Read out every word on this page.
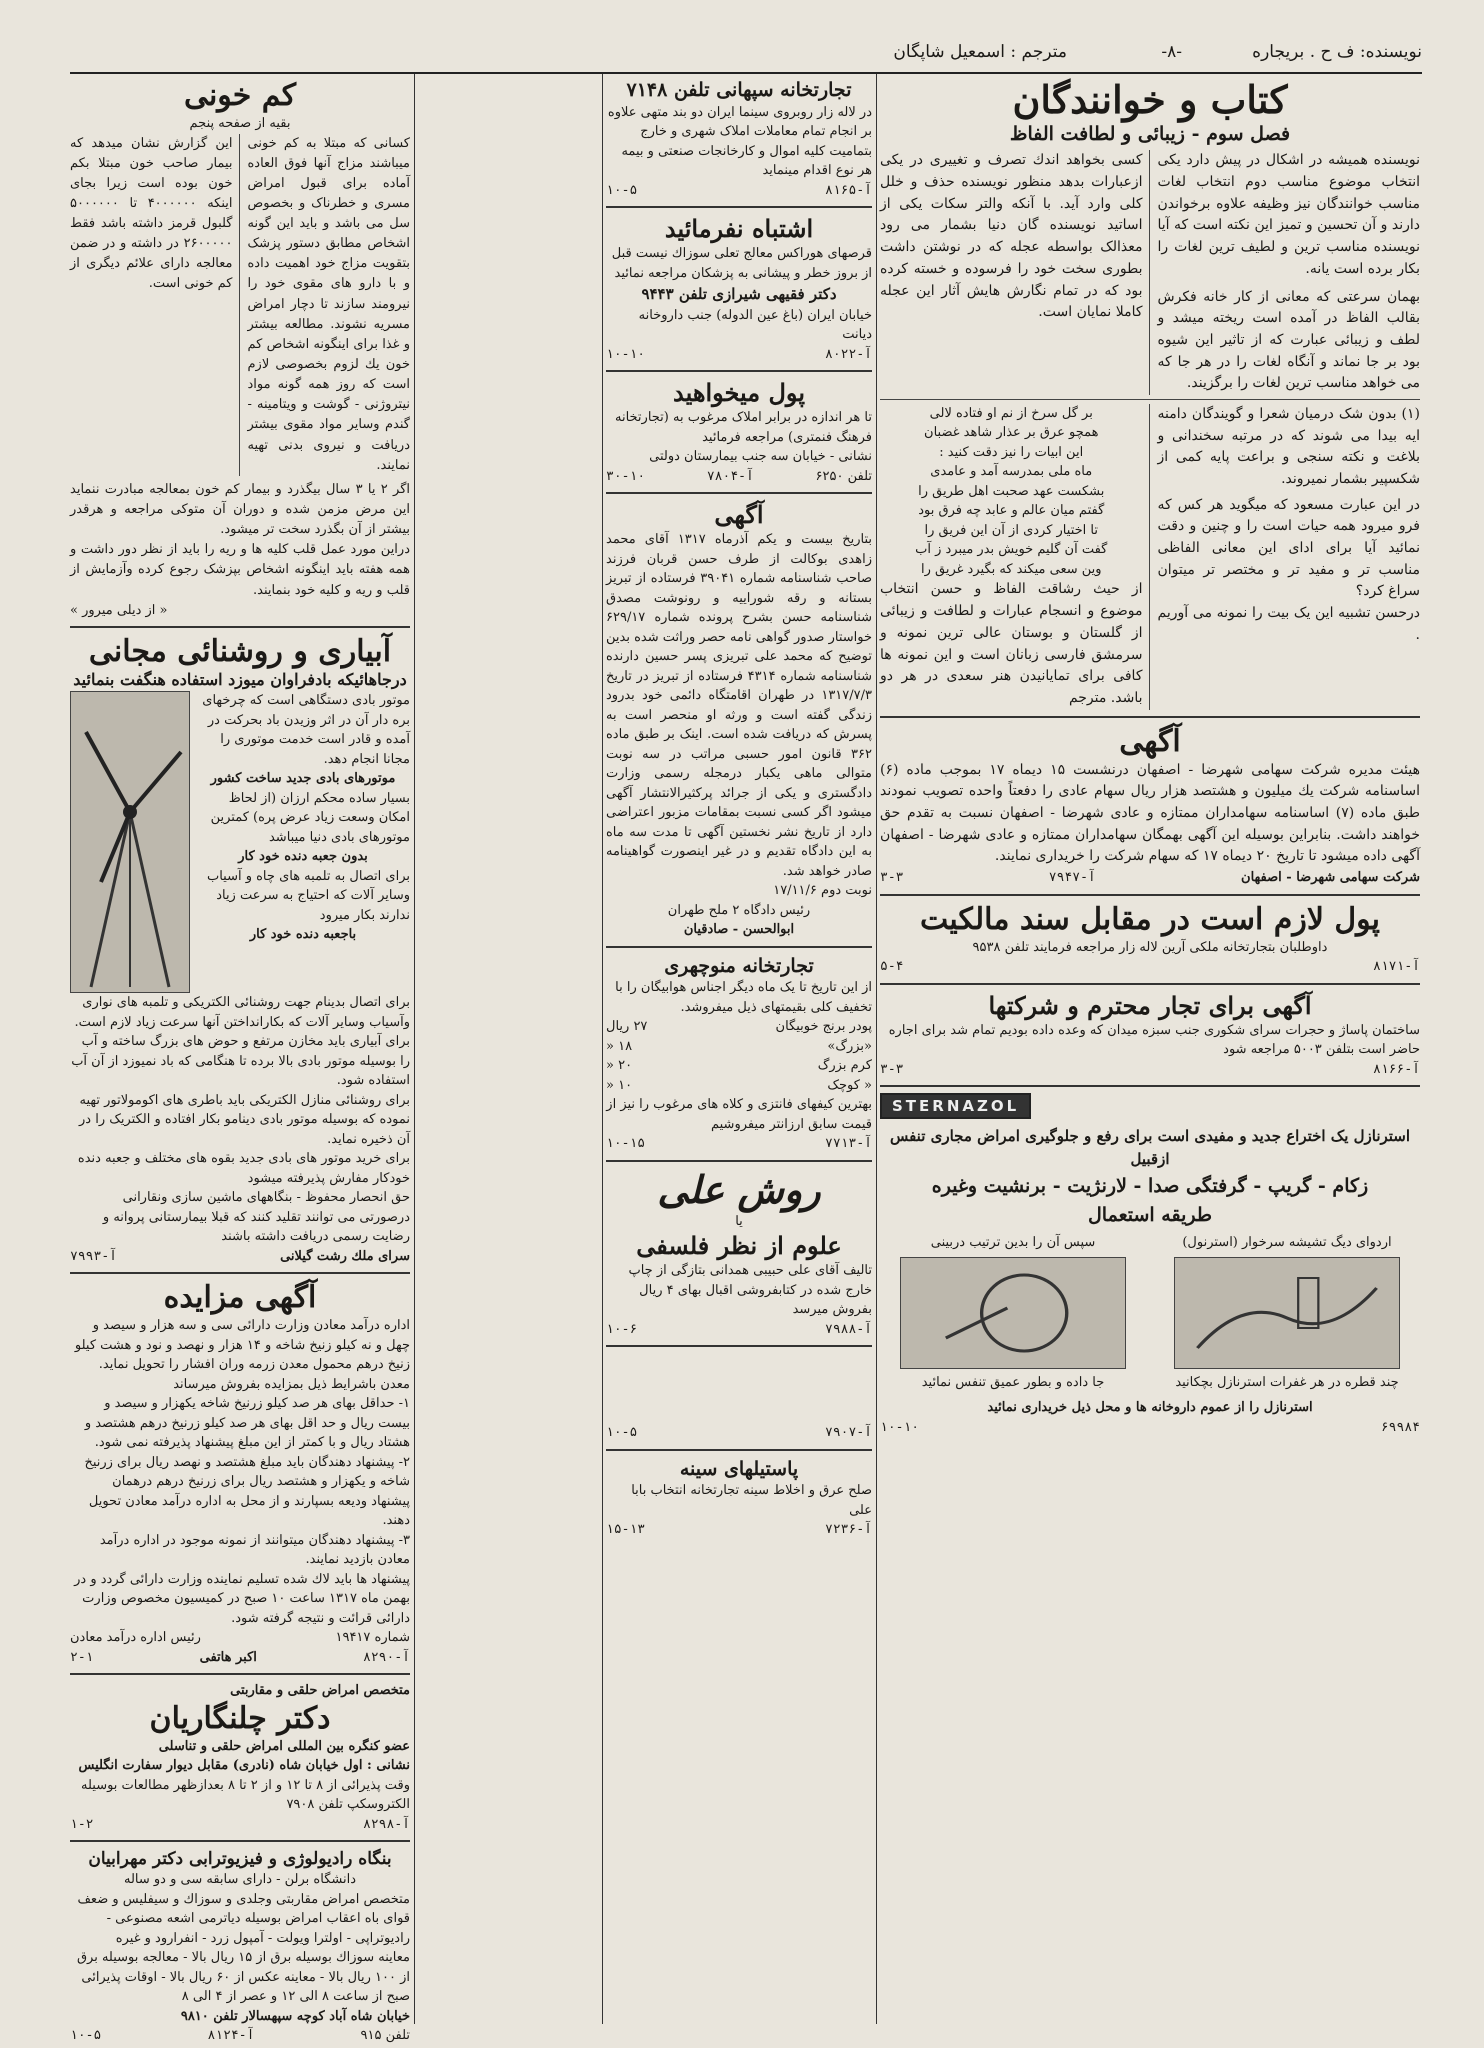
نویسنده: ف ح . بریجاره
-۸-
مترجم : اسمعیل شاپگان
کتاب و خوانندگان
فصل سوم - زیبائی و لطافت الفاظ
نویسنده همیشه در اشکال در پیش دارد یکی انتخاب موضوع مناسب دوم انتخاب لغات مناسب خوانندگان نیز وظیفه علاوه برخواندن دارند و آن تحسین و تمیز این نکته است که آیا نویسنده مناسب ترین و لطیف ترین لغات را بکار برده است یانه.
بهمان سرعتی که معانی از کار خانه فکرش بقالب الفاظ در آمده است ریخته میشد و لطف و زیبائی عبارت که از تاثیر این شیوه بود بر جا نماند و آنگاه لغات را در هر جا که می خواهد مناسب ترین لغات را برگزیند.
کسی بخواهد اندك تصرف و تغییری در یکی ازعبارات بدهد منظور نویسنده حذف و خلل کلی وارد آید. با آنکه والتر سکات یکی از اساتید نویسنده گان دنیا بشمار می رود معذالک بواسطه عجله که در نوشتن داشت بطوری سخت خود را فرسوده و خسته کرده بود که در تمام نگارش هایش آثار این عجله کاملا نمایان است.
(۱) بدون شک درمیان شعرا و گویندگان دامنه ایه بیدا می شوند که در مرتبه سخندانی و بلاغت و نکته سنجی و براعت پایه کمی از شکسپیر بشمار نمیروند.
در این عبارت مسعود که میگوید هر کس که فرو میرود همه حیات است را و چنین و دقت نمائید آیا برای ادای این معانی الفاظی مناسب تر و مفید تر و مختصر تر میتوان سراغ کرد؟
درحسن تشبیه این یک بیت را نمونه می آوریم .
بر گل سرخ از نم او فتاده لالی
همچو عرق بر عذار شاهد غضبان
این ابیات را نیز دقت کنید :
ماه ملی بمدرسه آمد و عامدی
بشکست عهد صحبت اهل طریق را
گفتم میان عالم و عابد چه فرق بود
تا اختیار کردی از آن این فریق را
گفت آن گلیم خویش بدر میبرد ز آب
وین سعی میکند که بگیرد غریق را
از حیث رشاقت الفاظ و حسن انتخاب موضوع و انسجام عبارات و لطافت و زیبائی از گلستان و بوستان عالی ترین نمونه و سرمشق فارسی زبانان است و این نمونه ها کافی برای تمایانیدن هنر سعدی در هر دو باشد. مترجم
آگهی
هیئت مدیره شرکت سهامی شهرضا - اصفهان درنشست ۱۵ دیماه ۱۷ بموجب ماده (۶) اساسنامه شرکت یك میلیون و هشتصد هزار ریال سهام عادی را دفعتاً واحده تصویب نمودند طبق ماده (۷) اساسنامه سهامداران ممتازه و عادی شهرضا - اصفهان نسبت به تقدم حق خواهند داشت. بنابراین بوسیله این آگهی بهمگان سهامداران ممتازه و عادی شهرضا - اصفهان آگهی داده میشود تا تاریخ ۲۰ دیماه ۱۷ که سهام شرکت را خریداری نمایند.
شرکت سهامی شهرضا - اصفهان
آ-۷۹۴۷
۳-۳
پول لازم است در مقابل سند مالکیت
داوطلبان بتجارتخانه ملکی آرین لاله زار مراجعه فرمایند تلفن ۹۵۳۸
آ-۸۱۷۱
۵-۴
آگهی برای تجار محترم و شرکتها
ساختمان پاساژ و حجرات سرای شکوری جنب سبزه میدان که وعده داده بودیم تمام شد برای اجاره حاضر است بتلفن ۵۰۰۳ مراجعه شود
آ-۸۱۶۶
۳-۳
STERNAZOL
استرنازل یک اختراع جدید و مفیدی است برای رفع و جلوگیری امراض مجاری تنفس ازقبیل
زکام - گریپ - گرفتگی صدا - لارنژیت - برنشیت وغیره
طریقه استعمال
اردوای دیگ تشیشه سرخوار (استرنول)
چند قطره در هر غفرات استرنازل بچکانید
سپس آن را بدین ترتیب دربینی
جا داده و بطور عمیق تنفس نمائید
استرنازل را از عموم داروخانه ها و محل ذیل خریداری نمائید
۶۹۹۸۴
۱۰-۱۰
تجارتخانه سپهانی تلفن ۷۱۴۸
در لاله زار روبروی سینما ایران دو بند متهی علاوه بر انجام تمام معاملات املاک شهری و خارج بتمامیت کلیه اموال و کارخانجات صنعتی و بیمه هر نوع اقدام مینماید
آ-۸۱۶۵
۱۰-۵
اشتباه نفرمائید
قرصهای هوراکس معالج تعلی سوزاك نیست قبل از بروز خطر و پیشانی به پزشکان مراجعه نمائید
دکتر فقیهی شیرازی تلفن ۹۴۴۳
خیابان ایران (باغ عین الدوله) جنب داروخانه دیانت
آ-۸۰۲۲
۱۰-۱۰
پول میخواهید
تا هر اندازه در برابر املاک مرغوب به (تجارتخانه فرهنگ فنمتری) مراجعه فرمائید
نشانی - خیابان سه جنب بیمارستان دولتی
تلفن ۶۲۵۰
آ-۷۸۰۴
۳۰-۱۰
آگهی
بتاریخ بیست و یکم آذرماه ۱۳۱۷ آقای محمد زاهدی بوکالت از طرف حسن قربان فرزند صاحب شناسنامه شماره ۳۹۰۴۱ فرستاده از تبریز بستانه و رقه شوراییه و رونوشت مصدق شناسنامه حسن بشرح پرونده شماره ۶۲۹/۱۷ خواستار صدور گواهی نامه حصر وراثت شده بدین توضیح که محمد علی تبریزی پسر حسین دارنده شناسنامه شماره ۴۳۱۴ فرستاده از تبریز در تاریخ ۱۳۱۷/۷/۳ در طهران اقامتگاه دائمی خود بدرود زندگی گفته است و ورثه او منحصر است به پسرش که دریافت شده است. اینک بر طبق ماده ۳۶۲ قانون امور حسبی مراتب در سه نوبت متوالی ماهی یکبار درمجله رسمی وزارت دادگستری و یکی از جرائد پرکثیرالانتشار آگهی میشود اگر کسی نسبت بمقامات مزبور اعتراضی دارد از تاریخ نشر نخستین آگهی تا مدت سه ماه به این دادگاه تقدیم و در غیر اینصورت گواهینامه صادر خواهد شد.
نوبت دوم ۱۷/۱۱/۶
رئیس دادگاه ۲ ملح طهران
ابوالحسن - صادقیان
تجارتخانه منوچهری
از این تاریخ تا یک ماه دیگر اجناس هوابیگان را با تخفیف کلی بقیمتهای ذیل میفروشد.
پودر برنج خوبیگان
۲۷ ریال
«بزرگ»
۱۸ «
کرم بزرگ
۲۰ «
« کوچک
۱۰ «
بهترین کیفهای فانتزی و کلاه های مرغوب را نیز از قیمت سابق ارزانتر میفروشیم
آ-۷۷۱۳
۱۰-۱۵
روش علی
یا
علوم از نظر فلسفی
تالیف آقای علی حبیبی همدانی بتازگی از چاپ خارج شده در کتابفروشی اقبال بهای ۴ ریال بفروش میرسد
آ-۷۹۸۸
۱۰-۶
آ-۷۹۰۷
۱۰-۵
پاستیلهای سینه
صلح عرق و اخلاط سینه تجارتخانه انتخاب بابا علی
آ-۷۲۳۶
۱۵-۱۳
کم خونی
بقیه از صفحه پنجم
کسانی که مبتلا به کم خونی میباشند مزاج آنها فوق العاده آماده برای قبول امراض مسری و خطرناک و بخصوص سل می باشد و باید این گونه اشخاص مطابق دستور پزشک بتقویت مزاج خود اهمیت داده و با دارو های مقوی خود را نیرومند سازند تا دچار امراض مسریه نشوند. مطالعه بیشتر و غذا برای اینگونه اشخاص کم خون یك لزوم بخصوصی لازم است که روز همه گونه مواد نیتروژنی - گوشت و ویتامینه - گندم وسایر مواد مقوی بیشتر دریافت و نیروی بدنی تهیه نمایند.
این گزارش نشان میدهد که بیمار صاحب خون مبتلا بکم خون بوده است زیرا بجای اینکه ۴۰۰۰۰۰۰ تا ۵۰۰۰۰۰۰ گلبول قرمز داشته باشد فقط ۲۶۰۰۰۰۰ در داشته و در ضمن معالجه دارای علائم دیگری از کم خونی است.
اگر ۲ یا ۳ سال بیگذرد و بیمار کم خون بمعالجه مبادرت ننماید این مرض مزمن شده و دوران آن متوکی مراجعه و هرقدر بیشتر از آن بگذرد سخت تر میشود.
دراین مورد عمل قلب کلیه ها و ریه را باید از نظر دور داشت و همه هفته باید اینگونه اشخاص بپزشک رجوع کرده وآزمایش از قلب و ریه و کلیه خود بنمایند.
« از دیلی میرور »
آبیاری و روشنائی مجانی
درجاهائیکه بادفراوان میوزد استفاده هنگفت بنمائید
موتور بادی دستگاهی است که چرخهای بره دار آن در اثر وزیدن باد بحرکت در آمده و قادر است خدمت موتوری را مجانا انجام دهد.
موتورهای بادی جدید ساخت کشور
بسیار ساده محکم ارزان (از لحاظ امکان وسعت زیاد عرض پره) کمترین موتورهای بادی دنیا میباشد
بدون جعبه دنده خود کار
برای اتصال به تلمبه های چاه و آسیاب وسایر آلات که احتیاج به سرعت زیاد ندارند بکار میرود
باجعبه دنده خود کار
برای اتصال بدینام جهت روشنائی الکتریکی و تلمبه های نواری وآسیاب وسایر آلات که بکارانداختن آنها سرعت زیاد لازم است.
برای آبیاری باید مخازن مرتفع و حوض های بزرگ ساخته و آب را بوسیله موتور بادی بالا برده تا هنگامی که باد نمیوزد از آن آب استفاده شود.
برای روشنائی منازل الکتریکی باید باطری های اکومولاتور تهیه نموده که بوسیله موتور بادی دینامو بکار افتاده و الکتریک را در آن ذخیره نماید.
برای خرید موتور های بادی جدید بقوه های مختلف و جعبه دنده خودکار مفارش پذیرفته میشود
حق انحصار محفوظ - بنگاههای ماشین سازی ونقارانی درصورتی می توانند تقلید کنند که قبلا بیمارستانی پروانه و رضایت رسمی دریافت داشته باشند
سرای ملك رشت گیلانی
آ-۷۹۹۳
آگهی مزایده
اداره درآمد معادن وزارت دارائی سی و سه هزار و سیصد و چهل و نه کیلو زنیخ شاخه و ۱۴ هزار و نهصد و نود و هشت کیلو زنیخ درهم محمول معدن زرمه وران افشار را تحویل نماید. معدن باشرایط ذیل بمزایده بفروش میرساند
۱- حداقل بهای هر صد کیلو زرنیخ شاخه یکهزار و سیصد و بیست ریال و حد اقل بهای هر صد کیلو زرنیخ درهم هشتصد و هشتاد ریال و با کمتر از این مبلغ پیشنهاد پذیرفته نمی شود.
۲- پیشنهاد دهندگان باید مبلغ هشتصد و نهصد ریال برای زرنیخ شاخه و یکهزار و هشتصد ریال برای زرنیخ درهم درهمان پیشنهاد ودیعه بسپارند و از محل به اداره درآمد معادن تحویل دهند.
۳- پیشنهاد دهندگان میتوانند از نمونه موجود در اداره درآمد معادن بازدید نمایند.
پیشنهاد ها باید لاك شده تسلیم نماینده وزارت دارائی گردد و در بهمن ماه ۱۳۱۷ ساعت ۱۰ صبح در کمیسیون مخصوص وزارت دارائی قرائت و نتیجه گرفته شود.
شماره ۱۹۴۱۷
رئیس اداره درآمد معادن
آ-۸۲۹۰
اکبر هاتفی
۲-۱
متخصص امراض حلقی و مقاربتی
دکتر چلنگاریان
عضو کنگره بین المللی امراض حلقی و تناسلی
نشانی : اول خیابان شاه (نادری) مقابل دیوار سفارت انگلیس
وقت پذیرائی از ۸ تا ۱۲ و از ۲ تا ۸ بعدازظهر مطالعات بوسیله الکتروسکپ تلفن ۷۹۰۸
آ-۸۲۹۸
۱-۲
بنگاه رادیولوژی و فیزیوترابی دکتر مهرابیان
دانشگاه برلن - دارای سابقه سی و دو ساله
متخصص امراض مقاربتی وجلدی و سوزاك و سیفلیس و ضعف قوای باه اعقاب امراض بوسیله دیاترمی اشعه مصنوعی - رادیوتراپی - اولترا ویولت - آمپول زرد - انفرارود و غیره
معاینه سوزاك بوسیله برق از ۱۵ ریال بالا - معالجه بوسیله برق از ۱۰۰ ریال بالا - معاینه عکس از ۶۰ ریال بالا - اوقات پذیرائی صبح از ساعت ۸ الی ۱۲ و عصر از ۴ الی ۸
خیابان شاه آباد کوچه سپهسالار تلفن ۹۸۱۰
تلفن ۹۱۵
آ-۸۱۲۴
۱۰-۵
